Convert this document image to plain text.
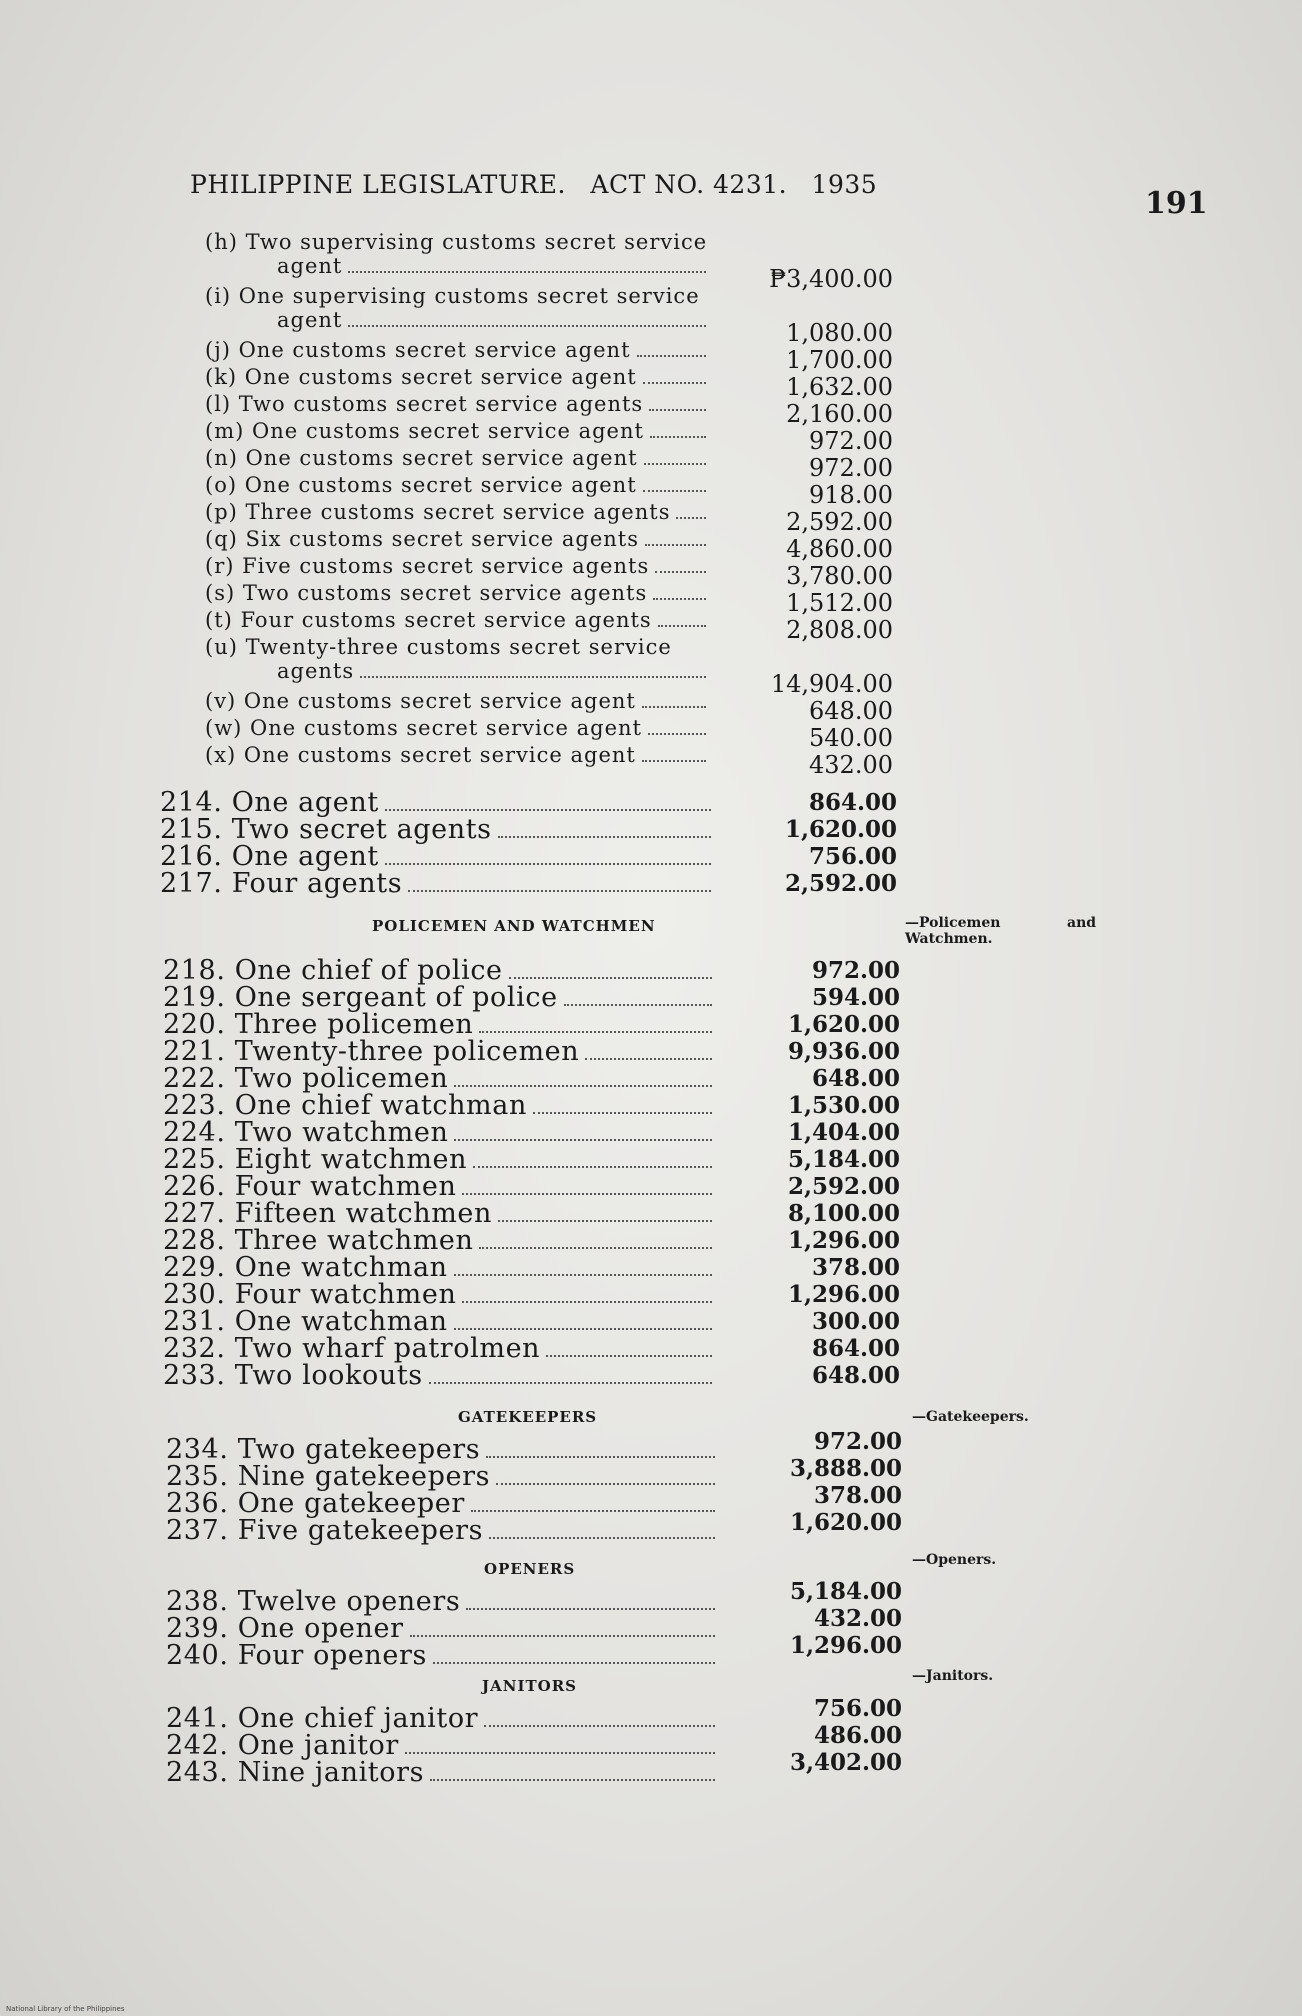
PHILIPPINE LEGISLATURE. ACT NO. 4231. 1935
191
(h) Two supervising customs secret service
agent	₱3,400.00
(i) One supervising customs secret service
agent	1,080.00
(j) One customs secret service agent	1,700.00
(k) One customs secret service agent	1,632.00
(l) Two customs secret service agents	2,160.00
(m) One customs secret service agent	972.00
(n) One customs secret service agent	972.00
(o) One customs secret service agent	918.00
(p) Three customs secret service agents	2,592.00
(q) Six customs secret service agents	4,860.00
(r) Five customs secret service agents	3,780.00
(s) Two customs secret service agents	1,512.00
(t) Four customs secret service agents	2,808.00
(u) Twenty-three customs secret service
agents	14,904.00
(v) One customs secret service agent	648.00
(w) One customs secret service agent	540.00
(x) One customs secret service agent	432.00
214. One agent	864.00
215. Two secret agents	1,620.00
216. One agent	756.00
217. Four agents	2,592.00
218. One chief of police	972.00
219. One sergeant of police	594.00
220. Three policemen	1,620.00
221. Twenty-three policemen	9,936.00
222. Two policemen	648.00
223. One chief watchman	1,530.00
224. Two watchmen	1,404.00
225. Eight watchmen	5,184.00
226. Four watchmen	2,592.00
227. Fifteen watchmen	8,100.00
228. Three watchmen	1,296.00
229. One watchman	378.00
230. Four watchmen	1,296.00
231. One watchman	300.00
232. Two wharf patrolmen	864.00
233. Two lookouts	648.00
234. Two gatekeepers	972.00
235. Nine gatekeepers	3,888.00
236. One gatekeeper	378.00
237. Five gatekeepers	1,620.00
238. Twelve openers	5,184.00
239. One opener	432.00
240. Four openers	1,296.00
241. One chief janitor	756.00
242. One janitor	486.00
243. Nine janitors	3,402.00
POLICEMEN AND WATCHMEN	—Policemen	and

Watchmen.
GATEKEEPERS	—Gatekeepers.
OPENERS	—Openers.
JANITORS
—Janitors.
National Library of the Philippines
